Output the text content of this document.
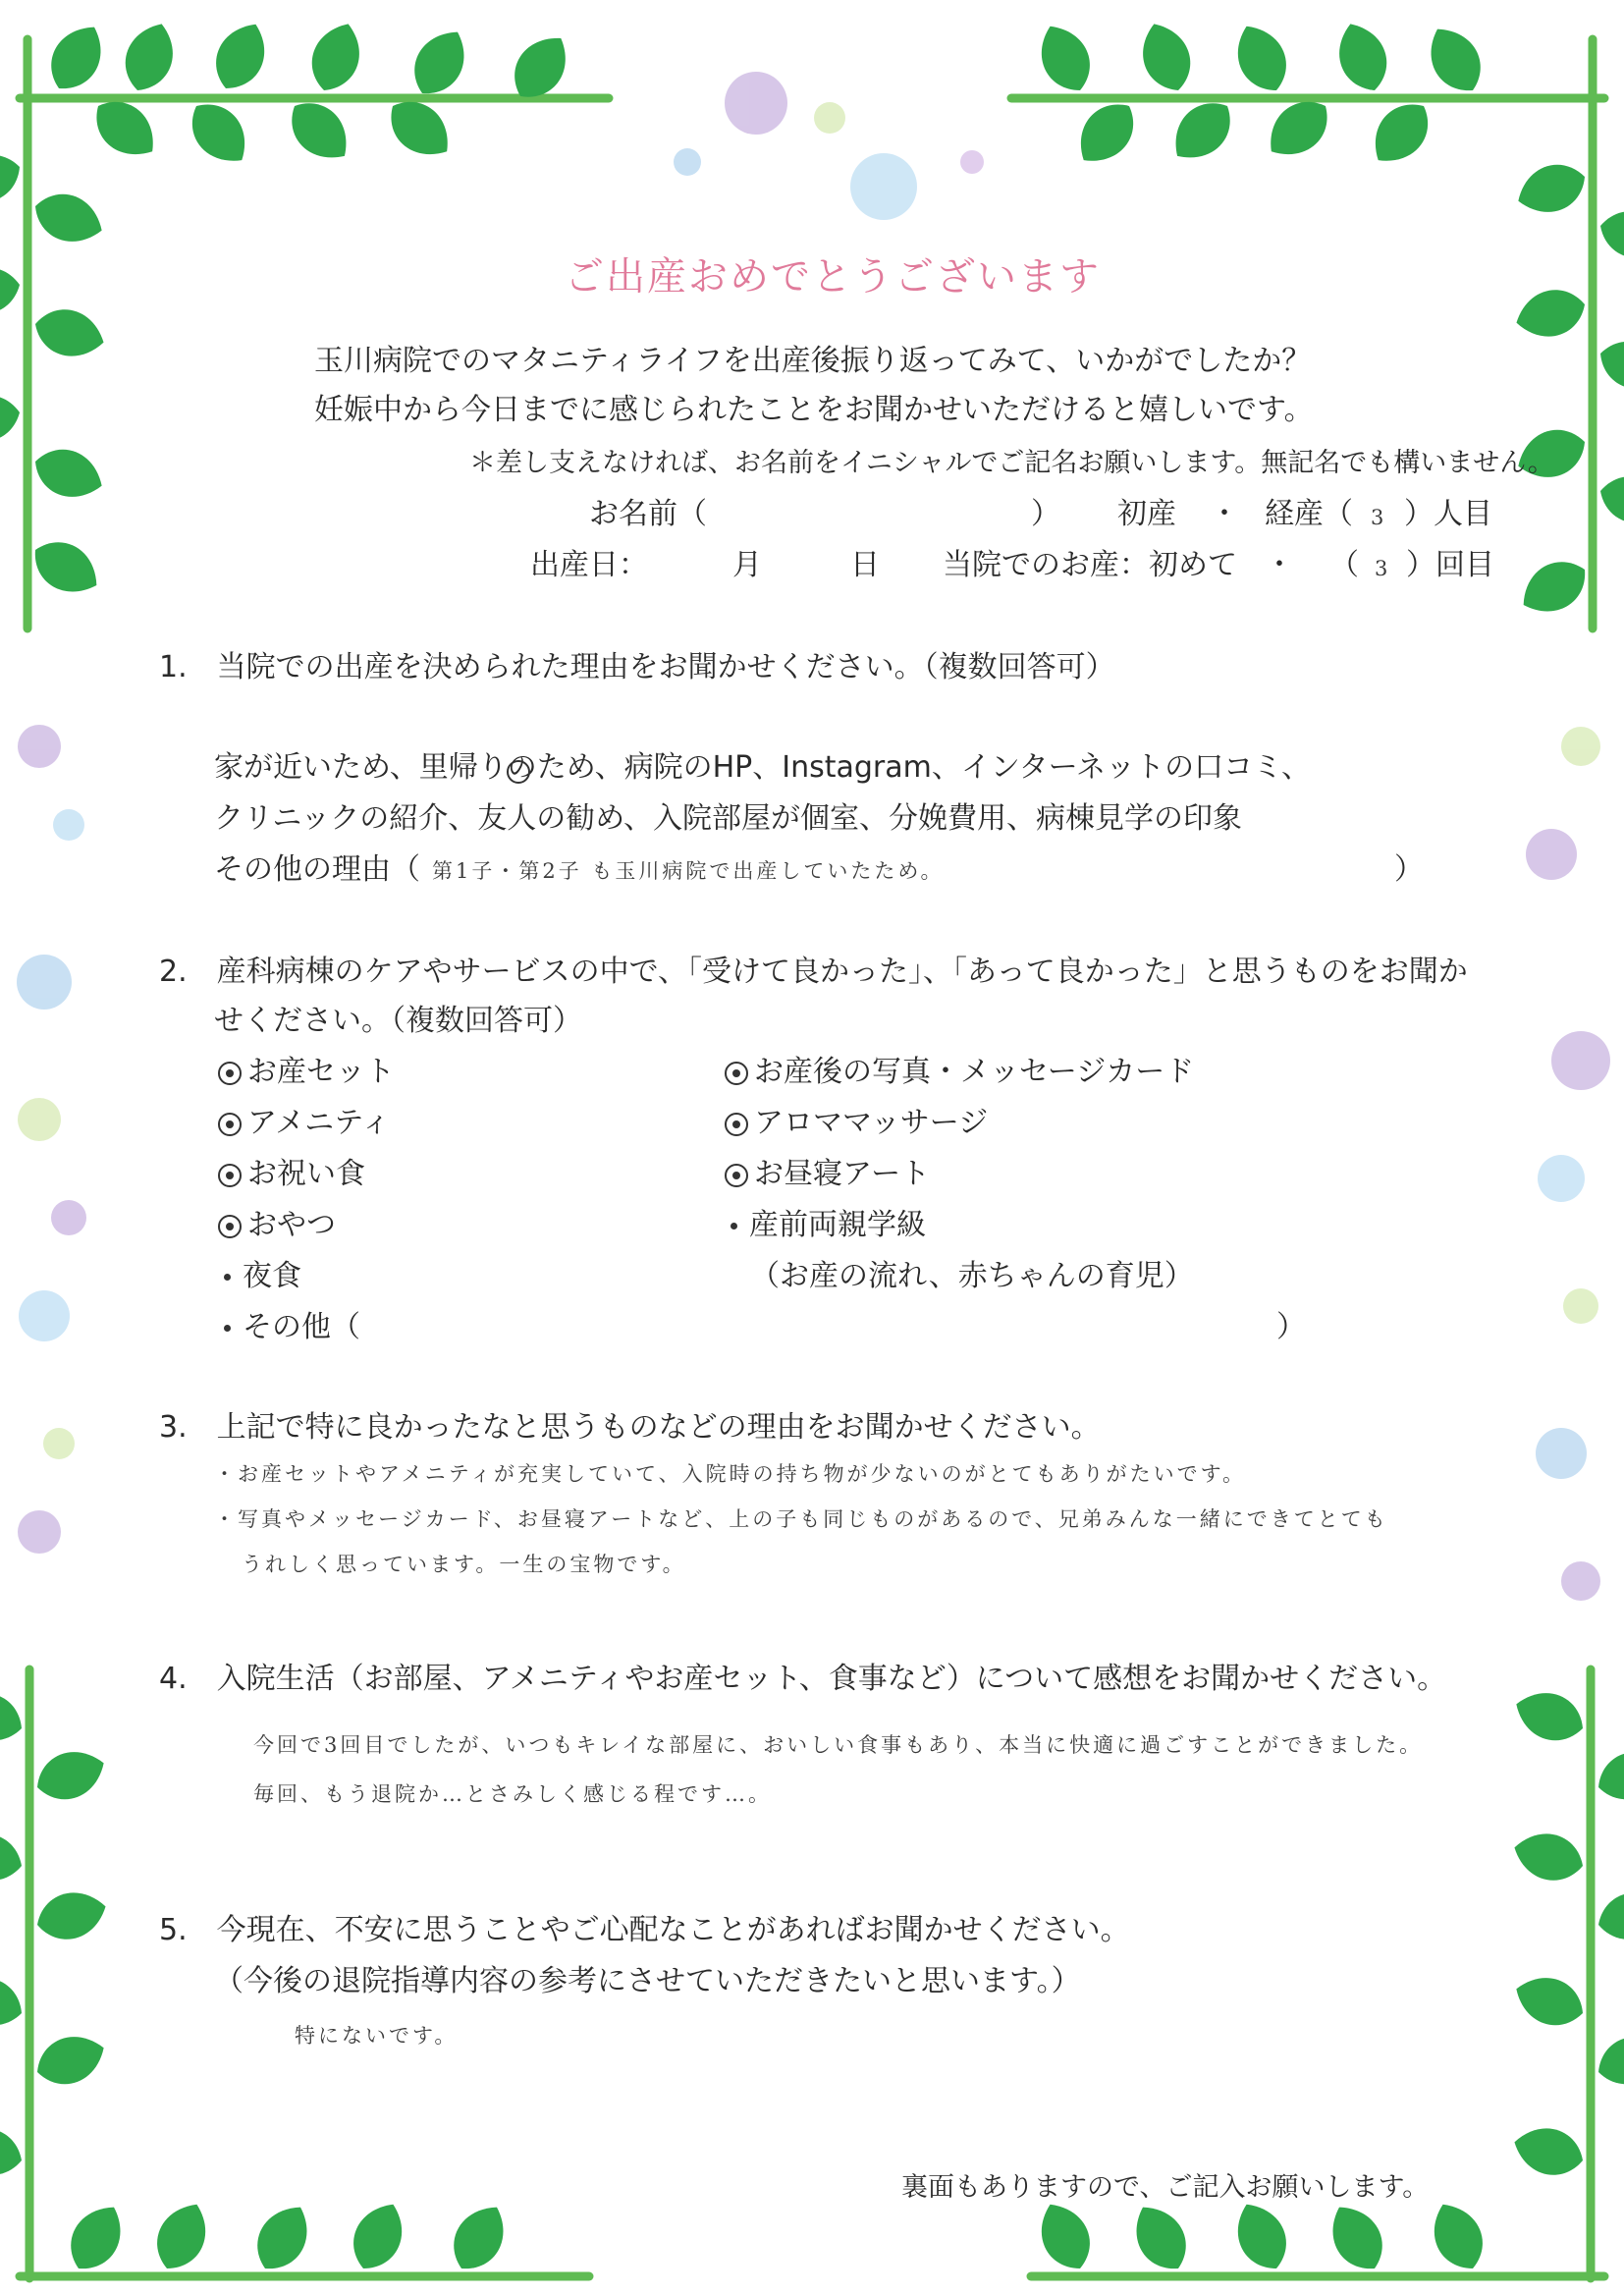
ご出産おめでとうございます
玉川病院でのマタニティライフを出産後振り返ってみて、いかがでしたか？
妊娠中から今日までに感じられたことをお聞かせいただけると嬉しいです。
＊差し支えなければ、お名前をイニシャルでご記名お願いします。無記名でも構いません。
お名前（	） 初産 ・ 経産（ 3 ）人目
出産日：	月	日 当院でのお産：初めて ・ （ 3 ）回目
1.　当院での出産を決められた理由をお聞かせください。（複数回答可）
家が近いため、里帰りのため、病院のHP、Instagram、インターネットの口コミ、
クリニックの紹介、友人の勧め、入院部屋が個室、分娩費用、病棟見学の印象
その他の理由（ 第1子・第2子 も玉川病院で出産していたため。	）
2.　産科病棟のケアやサービスの中で、「受けて良かった」、「あって良かった」と思うものをお聞か
せください。（複数回答可）
お産セット
アメニティ
お祝い食
おやつ
夜食
その他（	）
お産後の写真・メッセージカード
アロママッサージ
お昼寝アート
産前両親学級
（お産の流れ、赤ちゃんの育児）
3.　上記で特に良かったなと思うものなどの理由をお聞かせください。
・お産セットやアメニティが充実していて、入院時の持ち物が少ないのがとてもありがたいです。
・写真やメッセージカード、お昼寝アートなど、上の子も同じものがあるので、兄弟みんな一緒にできてとても
うれしく思っています。一生の宝物です。
4.　入院生活（お部屋、アメニティやお産セット、食事など）について感想をお聞かせください。
今回で3回目でしたが、いつもキレイな部屋に、おいしい食事もあり、本当に快適に過ごすことができました。
毎回、もう退院か…とさみしく感じる程です…。
5.　今現在、不安に思うことやご心配なことがあればお聞かせください。
（今後の退院指導内容の参考にさせていただきたいと思います。）
特にないです。
裏面もありますので、ご記入お願いします。
